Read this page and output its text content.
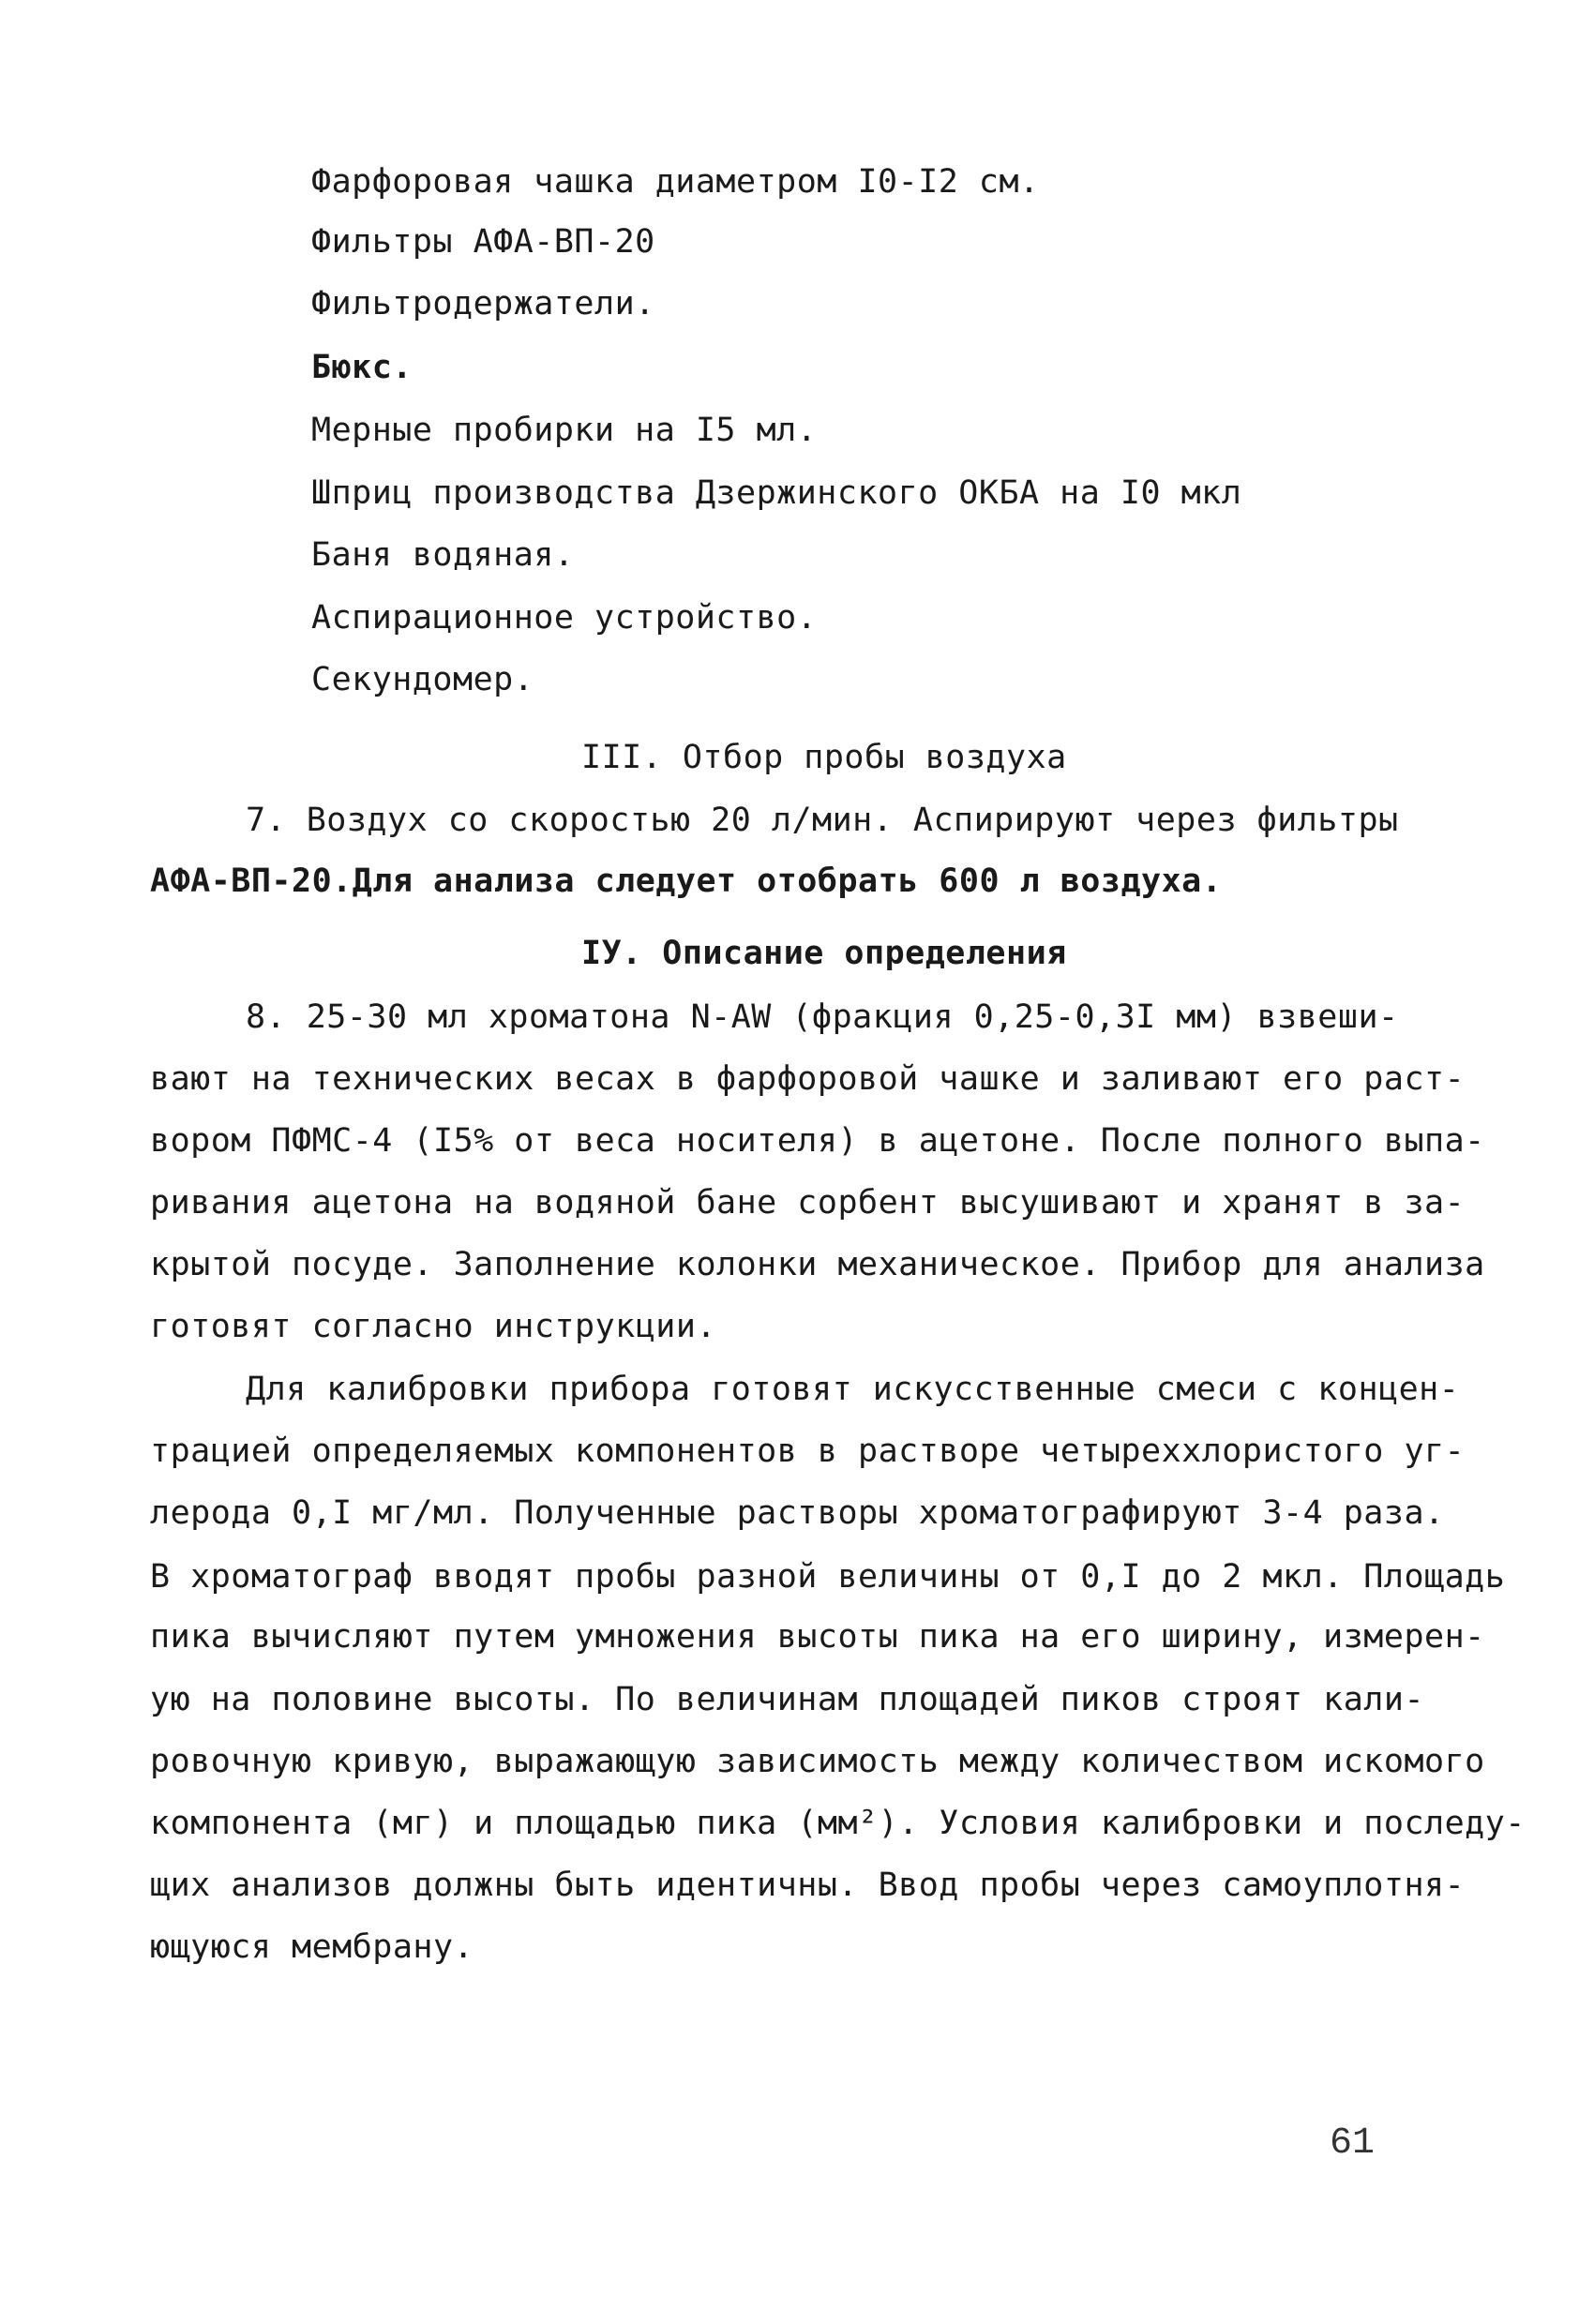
Фарфоровая чашка диаметром I0-I2 см.
Фильтры АФА-ВП-20
Фильтродержатели.
Бюкс.
Мерные пробирки на I5 мл.
Шприц производства Дзержинского ОКБА на I0 мкл
Баня водяная.
Аспирационное устройство.
Секундомер.
III. Отбор пробы воздуха
7. Воздух со скоростью 20 л/мин. Аспирируют через фильтры
АФА-ВП-20.Для анализа следует отобрать 600 л воздуха.
IУ. Описание определения
8. 25-30 мл хроматона N-AW (фракция 0,25-0,3I мм) взвеши-
вают на технических весах в фарфоровой чашке и заливают его раст-
вором ПФМС-4 (I5% от веса носителя) в ацетоне. После полного выпа-
ривания ацетона на водяной бане сорбент высушивают и хранят в за-
крытой посуде. Заполнение колонки механическое. Прибор для анализа
готовят согласно инструкции.
Для калибровки прибора готовят искусственные смеси с концен-
трацией определяемых компонентов в растворе четыреххлористого уг-
лерода 0,I мг/мл. Полученные растворы хроматографируют 3-4 раза.
В хроматограф вводят пробы разной величины от 0,I до 2 мкл. Площадь
пика вычисляют путем умножения высоты пика на его ширину, измерен-
ую на половине высоты. По величинам площадей пиков строят кали-
ровочную кривую, выражающую зависимость между количеством искомого
компонента (мг) и площадью пика (мм²). Условия калибровки и последу-
щих анализов должны быть идентичны. Ввод пробы через самоуплотня-
ющуюся мембрану.
61
